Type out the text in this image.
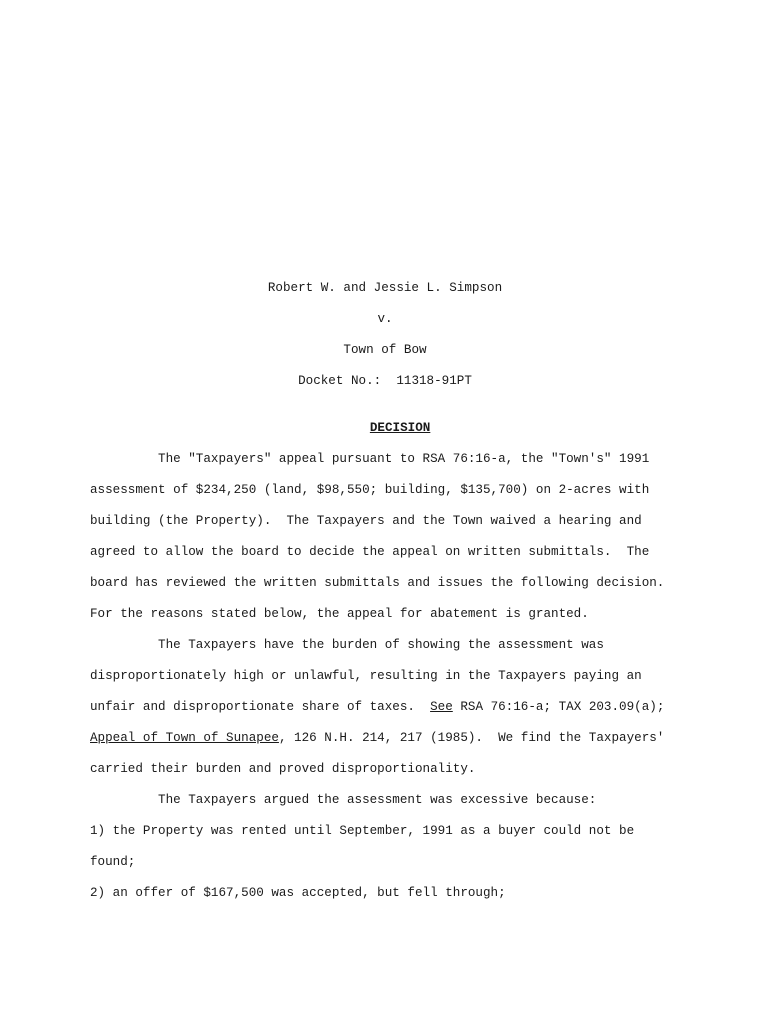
Robert W. and Jessie L. Simpson
v.
Town of Bow
Docket No.:  11318-91PT

DECISION

The "Taxpayers" appeal pursuant to RSA 76:16-a, the "Town's" 1991
assessment of $234,250 (land, $98,550; building, $135,700) on 2-acres with
building (the Property).  The Taxpayers and the Town waived a hearing and
agreed to allow the board to decide the appeal on written submittals.  The
board has reviewed the written submittals and issues the following decision.
For the reasons stated below, the appeal for abatement is granted.
The Taxpayers have the burden of showing the assessment was
disproportionately high or unlawful, resulting in the Taxpayers paying an
unfair and disproportionate share of taxes.  See RSA 76:16-a; TAX 203.09(a);
Appeal of Town of Sunapee, 126 N.H. 214, 217 (1985).  We find the Taxpayers'
carried their burden and proved disproportionality.
The Taxpayers argued the assessment was excessive because:
1) the Property was rented until September, 1991 as a buyer could not be
found;
2) an offer of $167,500 was accepted, but fell through;
